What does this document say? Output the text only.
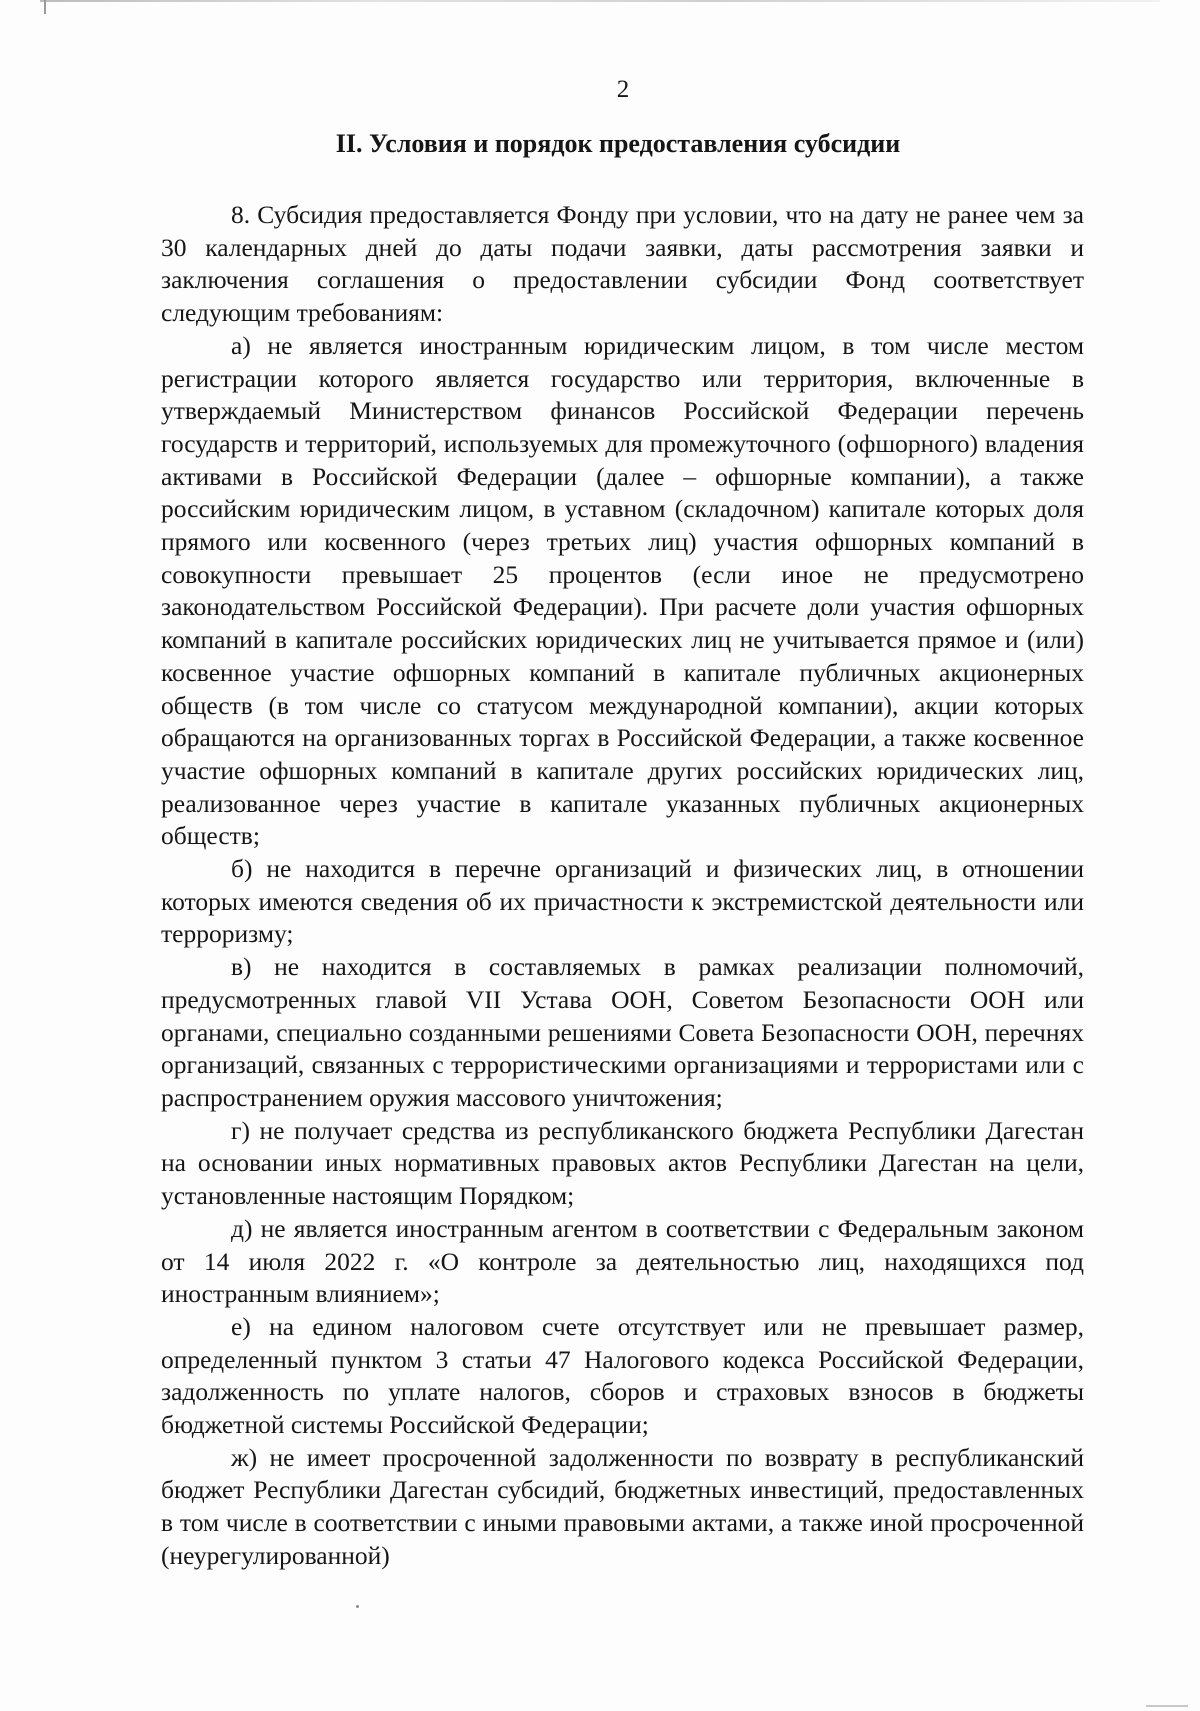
2
II. Условия и порядок предоставления субсидии

8. Субсидия предоставляется Фонду при условии, что на дату не ранее чем за 30 календарных дней до даты подачи заявки, даты рассмотрения заявки и заключения соглашения о предоставлении субсидии Фонд соответствует следующим требованиям:

а) не является иностранным юридическим лицом, в том числе местом регистрации которого является государство или территория, включенные в утверждаемый Министерством финансов Российской Федерации перечень государств и территорий, используемых для промежуточного (офшорного) владения активами в Российской Федерации (далее – офшорные компании), а также российским юридическим лицом, в уставном (складочном) капитале которых доля прямого или косвенного (через третьих лиц) участия офшорных компаний в совокупности превышает 25 процентов (если иное не предусмотрено законодательством Российской Федерации). При расчете доли участия офшорных компаний в капитале российских юридических лиц не учитывается прямое и (или) косвенное участие офшорных компаний в капитале публичных акционерных обществ (в том числе со статусом международной компании), акции которых обращаются на организованных торгах в Российской Федерации, а также косвенное участие офшорных компаний в капитале других российских юридических лиц, реализованное через участие в капитале указанных публичных акционерных обществ;

б) не находится в перечне организаций и физических лиц, в отношении которых имеются сведения об их причастности к экстремистской деятельности или терроризму;

в) не находится в составляемых в рамках реализации полномочий, предусмотренных главой VII Устава ООН, Советом Безопасности ООН или органами, специально созданными решениями Совета Безопасности ООН, перечнях организаций, связанных с террористическими организациями и террористами или с распространением оружия массового уничтожения;

г) не получает средства из республиканского бюджета Республики Дагестан на основании иных нормативных правовых актов Республики Дагестан на цели, установленные настоящим Порядком;

д) не является иностранным агентом в соответствии с Федеральным законом от 14 июля 2022 г. «О контроле за деятельностью лиц, находящихся под иностранным влиянием»;

е) на едином налоговом счете отсутствует или не превышает размер, определенный пунктом 3 статьи 47 Налогового кодекса Российской Федерации, задолженность по уплате налогов, сборов и страховых взносов в бюджеты бюджетной системы Российской Федерации;

ж) не имеет просроченной задолженности по возврату в республиканский бюджет Республики Дагестан субсидий, бюджетных инвестиций, предоставленных в том числе в соответствии с иными правовыми актами, а также иной просроченной (неурегулированной)
